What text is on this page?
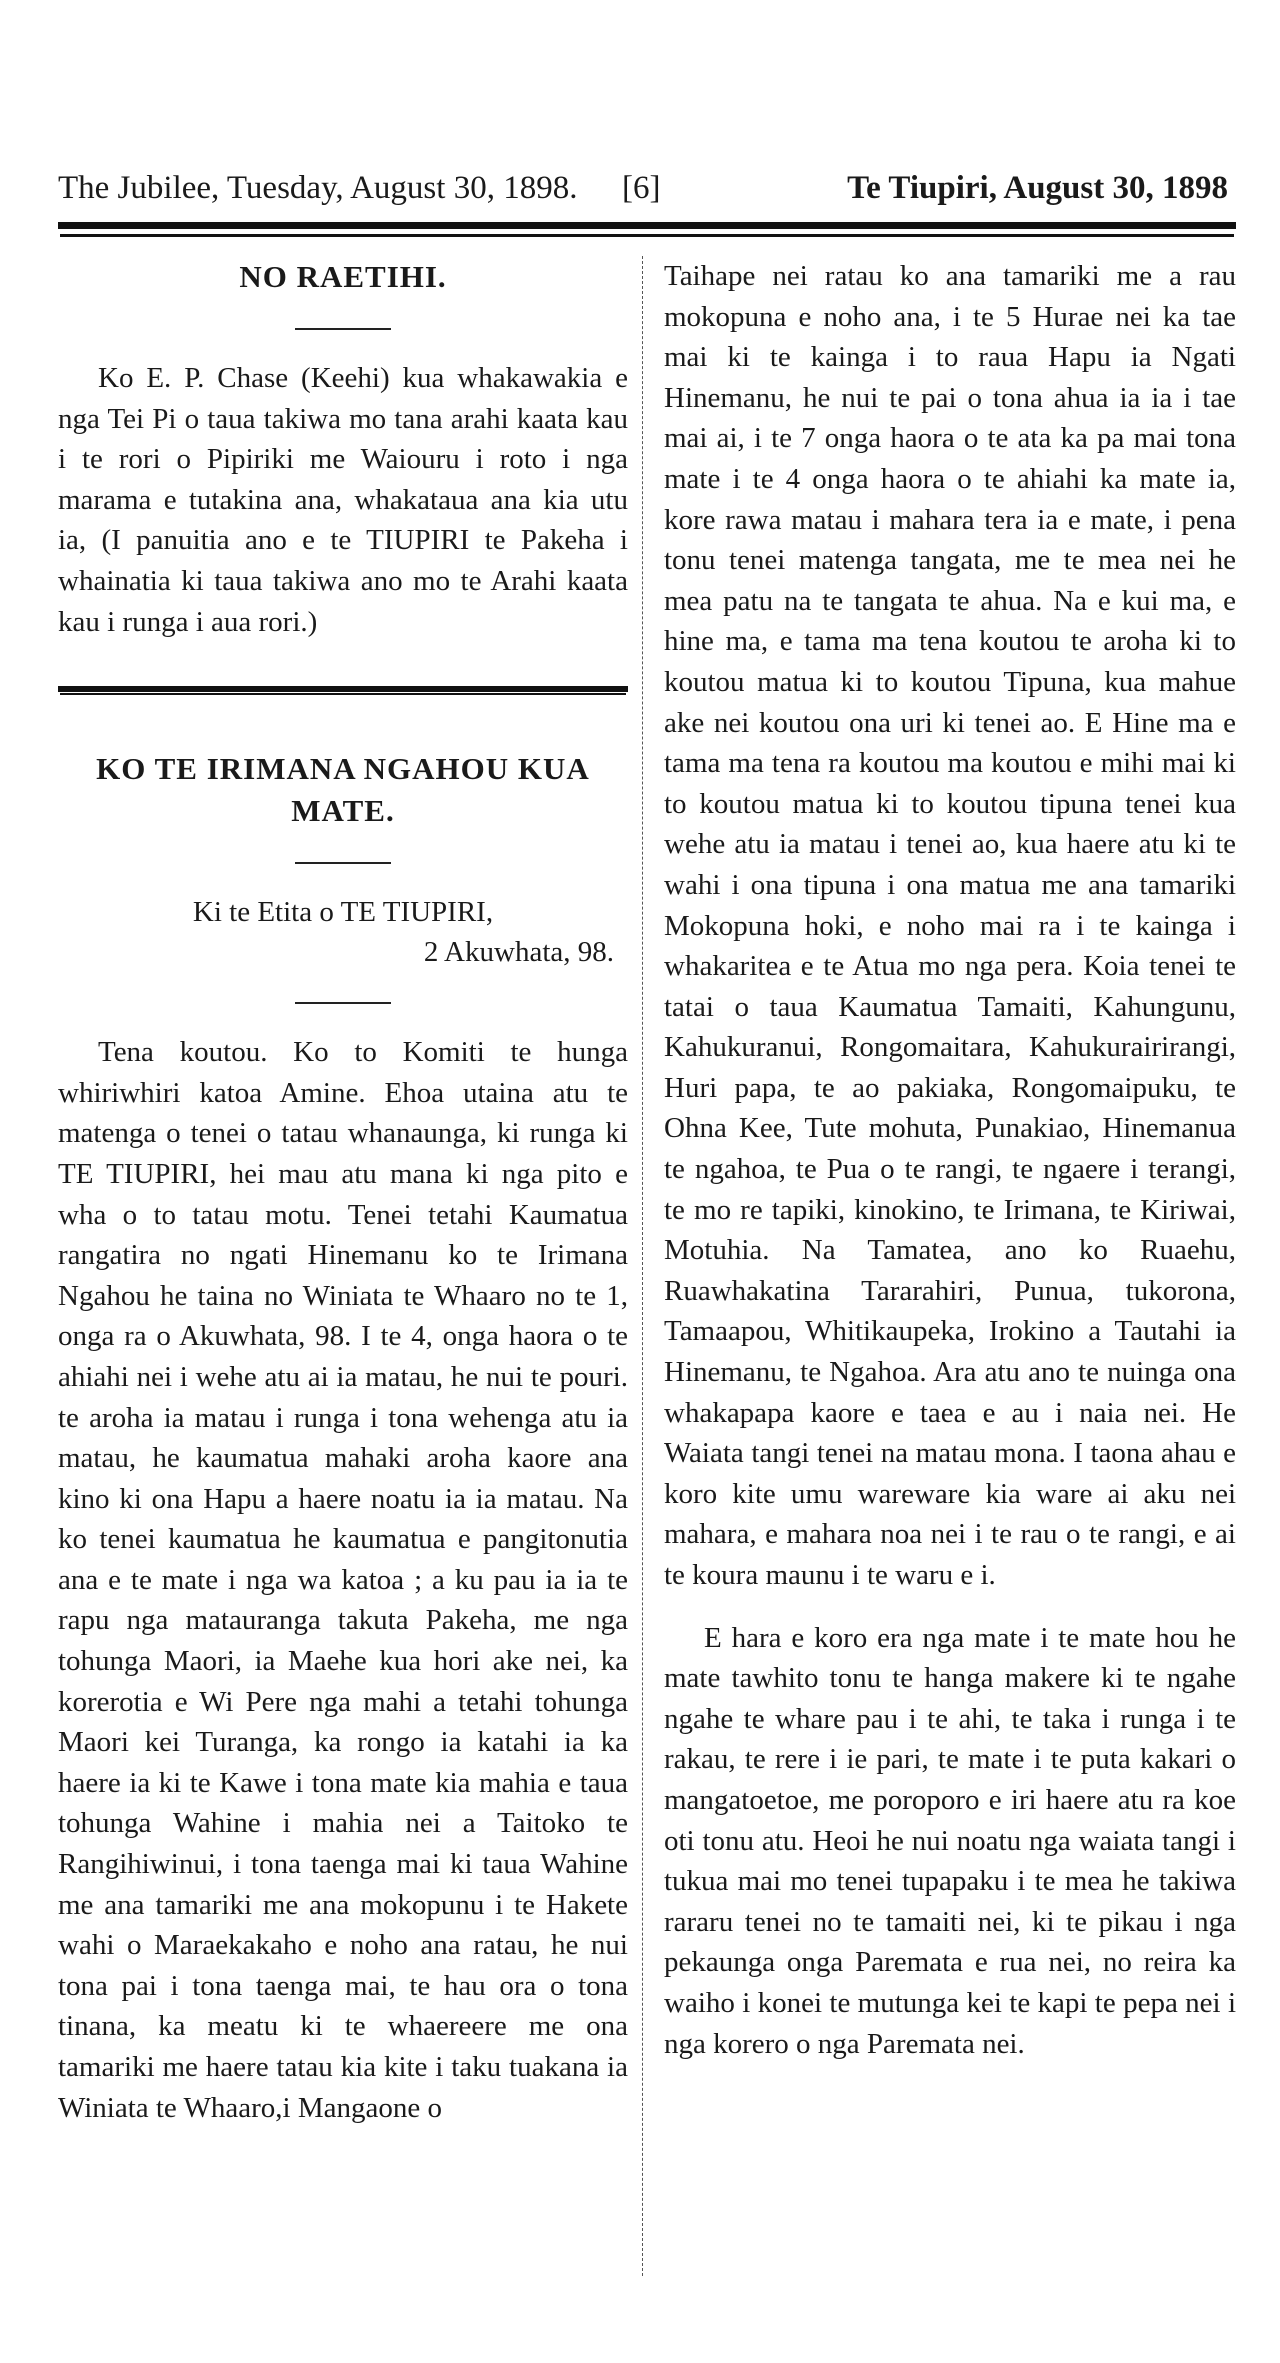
The Jubilee, Tuesday, August 30, 1898. [6]	Te Tiupiri, August 30, 1898
NO RAETIHI.

Ko E. P. Chase (Keehi) kua whakawakia e nga Tei Pi o taua takiwa mo tana arahi kaata kau i te rori o Pipiriki me Waiouru i roto i nga marama e tutakina ana, whakataua ana kia utu ia, (I panuitia ano e te TIUPIRI te Pakeha i whainatia ki taua takiwa ano mo te Arahi kaata kau i runga i aua rori.)

KO TE IRIMANA NGAHOU KUA MATE.

Ki te Etita o TE TIUPIRI,

2 Akuwhata, 98.

Tena koutou. Ko to Komiti te hunga whiriwhiri katoa Amine. Ehoa utaina atu te matenga o tenei o tatau whanaunga, ki runga ki TE TIUPIRI, hei mau atu mana ki nga pito e wha o to tatau motu. Tenei tetahi Kaumatua rangatira no ngati Hinemanu ko te Irimana Ngahou he taina no Winiata te Whaaro no te 1, onga ra o Akuwhata, 98. I te 4, onga haora o te ahiahi nei i wehe atu ai ia matau, he nui te pouri. te aroha ia matau i runga i tona wehenga atu ia matau, he kaumatua mahaki aroha kaore ana kino ki ona Hapu a haere noatu ia ia matau. Na ko tenei kaumatua he kaumatua e pangitonutia ana e te mate i nga wa katoa ; a ku pau ia ia te rapu nga matauranga takuta Pakeha, me nga tohunga Maori, ia Maehe kua hori ake nei, ka korerotia e Wi Pere nga mahi a tetahi tohunga Maori kei Turanga, ka rongo ia katahi ia ka haere ia ki te Kawe i tona mate kia mahia e taua tohunga Wahine i mahia nei a Taitoko te Rangihiwinui, i tona taenga mai ki taua Wahine me ana tamariki me ana mokopunu i te Hakete wahi o Maraekakaho e noho ana ratau, he nui tona pai i tona taenga mai, te hau ora o tona tinana, ka meatu ki te whaereere me ona tamariki me haere tatau kia kite i taku tuakana ia Winiata te Whaaro,i Mangaone o

Taihape nei ratau ko ana tamariki me a rau mokopuna e noho ana, i te 5 Hurae nei ka tae mai ki te kainga i to raua Hapu ia Ngati Hinemanu, he nui te pai o tona ahua ia ia i tae mai ai, i te 7 onga haora o te ata ka pa mai tona mate i te 4 onga haora o te ahiahi ka mate ia, kore rawa matau i mahara tera ia e mate, i pena tonu tenei matenga tangata, me te mea nei he mea patu na te tangata te ahua. Na e kui ma, e hine ma, e tama ma tena koutou te aroha ki to koutou matua ki to koutou Tipuna, kua mahue ake nei koutou ona uri ki tenei ao. E Hine ma e tama ma tena ra koutou ma koutou e mihi mai ki to koutou matua ki to koutou tipuna tenei kua wehe atu ia matau i tenei ao, kua haere atu ki te wahi i ona tipuna i ona matua me ana tamariki Mokopuna hoki, e noho mai ra i te kainga i whakaritea e te Atua mo nga pera. Koia tenei te tatai o taua Kaumatua Tamaiti, Kahungunu, Kahukuranui, Rongomaitara, Kahukurairirangi, Huri papa, te ao pakiaka, Rongomaipuku, te Ohna Kee, Tute mohuta, Punakiao, Hinemanua te ngahoa, te Pua o te rangi, te ngaere i terangi, te mo re tapiki, kinokino, te Irimana, te Kiriwai, Motuhia. Na Tamatea, ano ko Ruaehu, Ruawhakatina Tararahiri, Punua, tukorona, Tamaapou, Whitikaupeka, Irokino a Tautahi ia Hinemanu, te Ngahoa. Ara atu ano te nuinga ona whakapapa kaore e taea e au i naia nei. He Waiata tangi tenei na matau mona. I taona ahau e koro kite umu wareware kia ware ai aku nei mahara, e mahara noa nei i te rau o te rangi, e ai te koura maunu i te waru e i.

E hara e koro era nga mate i te mate hou he mate tawhito tonu te hanga makere ki te ngahe ngahe te whare pau i te ahi, te taka i runga i te rakau, te rere i ie pari, te mate i te puta kakari o mangatoetoe, me poroporo e iri haere atu ra koe oti tonu atu. Heoi he nui noatu nga waiata tangi i tukua mai mo tenei tupapaku i te mea he takiwa rararu tenei no te tamaiti nei, ki te pikau i nga pekaunga onga Paremata e rua nei, no reira ka waiho i konei te mutunga kei te kapi te pepa nei i nga korero o nga Paremata nei.
